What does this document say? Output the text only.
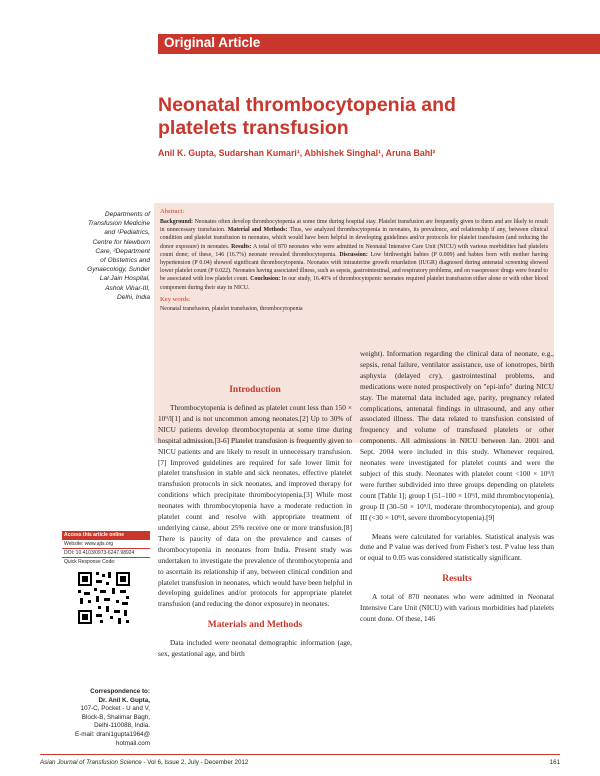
Original Article
Neonatal thrombocytopenia and platelets transfusion
Anil K. Gupta, Sudarshan Kumari¹, Abhishek Singhal¹, Aruna Bahl²
Departments of
Transfusion Medicine
and ¹Pediatrics,
Centre for Newborn
Care, ²Department
of Obstetrics and
Gynaecology, Sunder
Lal Jain Hospital,
Ashok Vihar-III,
Delhi, India
Abstract:
Background: Neonates often develop thrombocytopenia at some time during hospital stay. Platelet transfusion are frequently given to them and are likely to result in unnecessary transfusion. Material and Methods: Thus, we analyzed thrombocytopenia in neonates, its prevalence, and relationship if any, between clinical condition and platelet transfusion in neonates, which would have been helpful in developing guidelines and/or protocols for platelet transfusion (and reducing the donor exposure) in neonates. Results: A total of 870 neonates who were admitted in Neonatal Intensive Care Unit (NICU) with various morbidities had platelets count done; of these, 146 (16.7%) neonate revealed thrombocytopenia. Discussion: Low birthweight babies (P 0.009) and babies born with mother having hypertension (P 0.04) showed significant thrombocytopenia. Neonates with intrauterine growth retardation (IUGR) diagnosed during antenatal screening showed lower platelet count (P 0.022). Neonates having associated illness, such as sepsis, gastrointestinal, and respiratory problems, and on vasopressor drugs were found to be associated with low platelet count. Conclusion: In our study, 16.40% of thrombocytopenic neonates required platelet transfusion either alone or with other blood component during their stay in NICU.
Key words:
Neonatal transfusion, platelet transfusion, thrombocytopenia
Introduction
Thrombocytopenia is defined as platelet count less than 150 × 10⁹/l[1] and is not uncommon among neonates.[2] Up to 30% of NICU patients develop thrombocytopenia at some time during hospital admission.[3-6] Platelet transfusion is frequently given to NICU patients and are likely to result in unnecessary transfusion.[7] Improved guidelines are required for safe lower limit for platelet transfusion in stable and sick neonates, effective platelet transfusion protocols in sick neonates, and improved therapy for conditions which precipitate thrombocytopenia.[3] While most neonates with thrombocytopenia have a moderate reduction in platelet count and resolve with appropriate treatment of underlying cause, about 25% receive one or more transfusion.[8] There is paucity of data on the prevalence and causes of thrombocytopenia in neonates from India. Present study was undertaken to investigate the prevalence of thrombocytopenia and to ascertain its relationship if any, between clinical condition and platelet transfusion in neonates, which would have been helpful in developing guidelines and/or protocols for appropriate platelet transfusion (and reducing the donor exposure) in neonates.
Materials and Methods
Data included were neonatal demographic information (age, sex, gestational age, and birth
weight). Information regarding the clinical data of neonate, e.g., sepsis, renal failure, ventilator assistance, use of ionotropes, birth asphyxia (delayed cry), gastrointestinal problems, and medications were noted prospectively on "epi-info" during NICU stay. The maternal data included age, parity, pregnancy related complications, antenatal findings in ultrasound, and any other associated illness. The data related to transfusion consisted of frequency and volume of transfused platelets or other components. All admissions in NICU between Jan. 2001 and Sept. 2004 were included in this study. Whenever required, neonates were investigated for platelet counts and were the subject of this study. Neonates with platelet count <100 × 10⁹/l were further subdivided into three groups depending on platelets count [Table 1]; group I (51–100 × 10⁹/l, mild thrombocytopenia), group II (30–50 × 10⁹/l, moderate thrombocytopenia), and group III (<30 × 10⁹/l, severe thrombocytopenia).[9]
Means were calculated for variables. Statistical analysis was done and P value was derived from Fisher's test. P value less than or equal to 0.05 was considered statistically significant.
Results
A total of 870 neonates who were admitted in Neonatal Intensive Care Unit (NICU) with various morbidities had platelets count done. Of these, 146
Access this article online
Website: www.ajts.org
DOI: 10.4103/0973-6247.98924
Quick Response Code:
Correspondence to:
Dr. Anil K. Gupta,
107-C, Pocket - U and V,
Block-B, Shalimar Bagh,
Delhi-110088, India.
E-mail: drani1gupta1964@
hotmail.com
Asian Journal of Transfusion Science - Vol 6, Issue 2, July - December 2012	161
